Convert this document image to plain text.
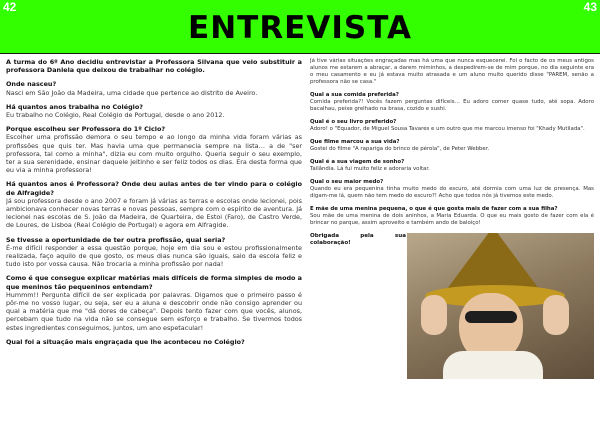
42	43
ENTREVISTA

A turma do 6º Ano decidiu entrevistar a Professora Silvana que veio substituir a professora Daniela que deixou de trabalhar no colégio.

Onde nasceu?
Nasci em São João da Madeira, uma cidade que pertence ao distrito de Aveiro.

Há quantos anos trabalha no Colégio?
Eu trabalho no Colégio, Real Colégio de Portugal, desde o ano 2012.

Porque escolheu ser Professora do 1º Ciclo?
Escolher uma profissão demora o seu tempo e ao longo da minha vida foram várias as profissões que quis ter. Mas havia uma que permanecia sempre na lista… a de "ser professora, tal como a minha", dizia eu com muito orgulho. Queria seguir o seu exemplo, ter a sua serenidade, ensinar daquele jeitinho e ser feliz todos os dias. Era desta forma que eu via a minha professora!

Há quantos anos é Professora? Onde deu aulas antes de ter vindo para o colégio de Alfragide?
Já sou professora desde o ano 2007 e foram já várias as terras e escolas onde lecionei, pois ambicionava conhecer novas terras e novas pessoas, sempre com o espírito de aventura. Já lecionei nas escolas de S. João da Madeira, de Quarteira, de Estoi (Faro), de Castro Verde, de Loures, de Lisboa (Real Colégio de Portugal) e agora em Alfragide.

Se tivesse a oportunidade de ter outra profissão, qual seria?
É-me difícil responder a essa questão porque, hoje em dia sou e estou profissionalmente realizada, faço aquilo de que gosto, os meus dias nunca são iguais, saio da escola feliz e tudo isto por vossa causa. Não trocaria a minha profissão por nada!

Como é que consegue explicar matérias mais difíceis de forma simples de modo a que meninos tão pequeninos entendam?
Hummm!! Pergunta difícil de ser explicada por palavras. Digamos que o primeiro passo é pôr-me no vosso lugar, ou seja, ser eu a aluna e descobrir onde não consigo aprender ou qual a matéria que me "dá dores de cabeça". Depois tento fazer com que vocês, alunos, percebam que tudo na vida não se consegue sem esforço e trabalho. Se tivermos todos estes ingredientes conseguimos, juntos, um ano espetacular!

Qual foi a situação mais engraçada que lhe aconteceu no Colégio?

Já tive várias situações engraçadas mas há uma que nunca esquecerei. Foi o facto de os meus antigos alunos me estarem a abraçar, a darem miminhos, a despedirem-se de mim porque, no dia seguinte era o meu casamento e eu já estava muito atrasada e um aluno muito querido disse "PAREM, senão a professora não se casa."

Qual a sua comida preferida?
Comida preferida?! Vocês fazem perguntas difíceis… Eu adoro comer quase tudo, até sopa. Adoro bacalhau, peixe grelhado na brasa, cozido e sushi.

Qual é o seu livro preferido?
Adoro! o "Equador, de Miguel Sousa Tavares e um outro que me marcou imenso foi "Khady Mutilada".

Que filme marcou a sua vida?
Gostei do filme "A rapariga do brinco de pérola", de Peter Webber.

Qual é a sua viagem de sonho?
Tailândia. Lá fui muito feliz e adoraria voltar.

Qual o seu maior medo?
Quando eu era pequenina tinha muito medo do escuro, até dormia com uma luz de presença. Mas digam-me lá, quem não tem medo do escuro?! Acho que todos nós já tivemos este medo.

E mãe de uma menina pequena, o que é que gosta mais de fazer com a sua filha?
Sou mãe de uma menina de dois aninhos, a Maria Eduarda. O que eu mais gosto de fazer com ela é brincar no parque, assim aproveito e também ando de baloiço!

Obrigada pela sua colaboração!
